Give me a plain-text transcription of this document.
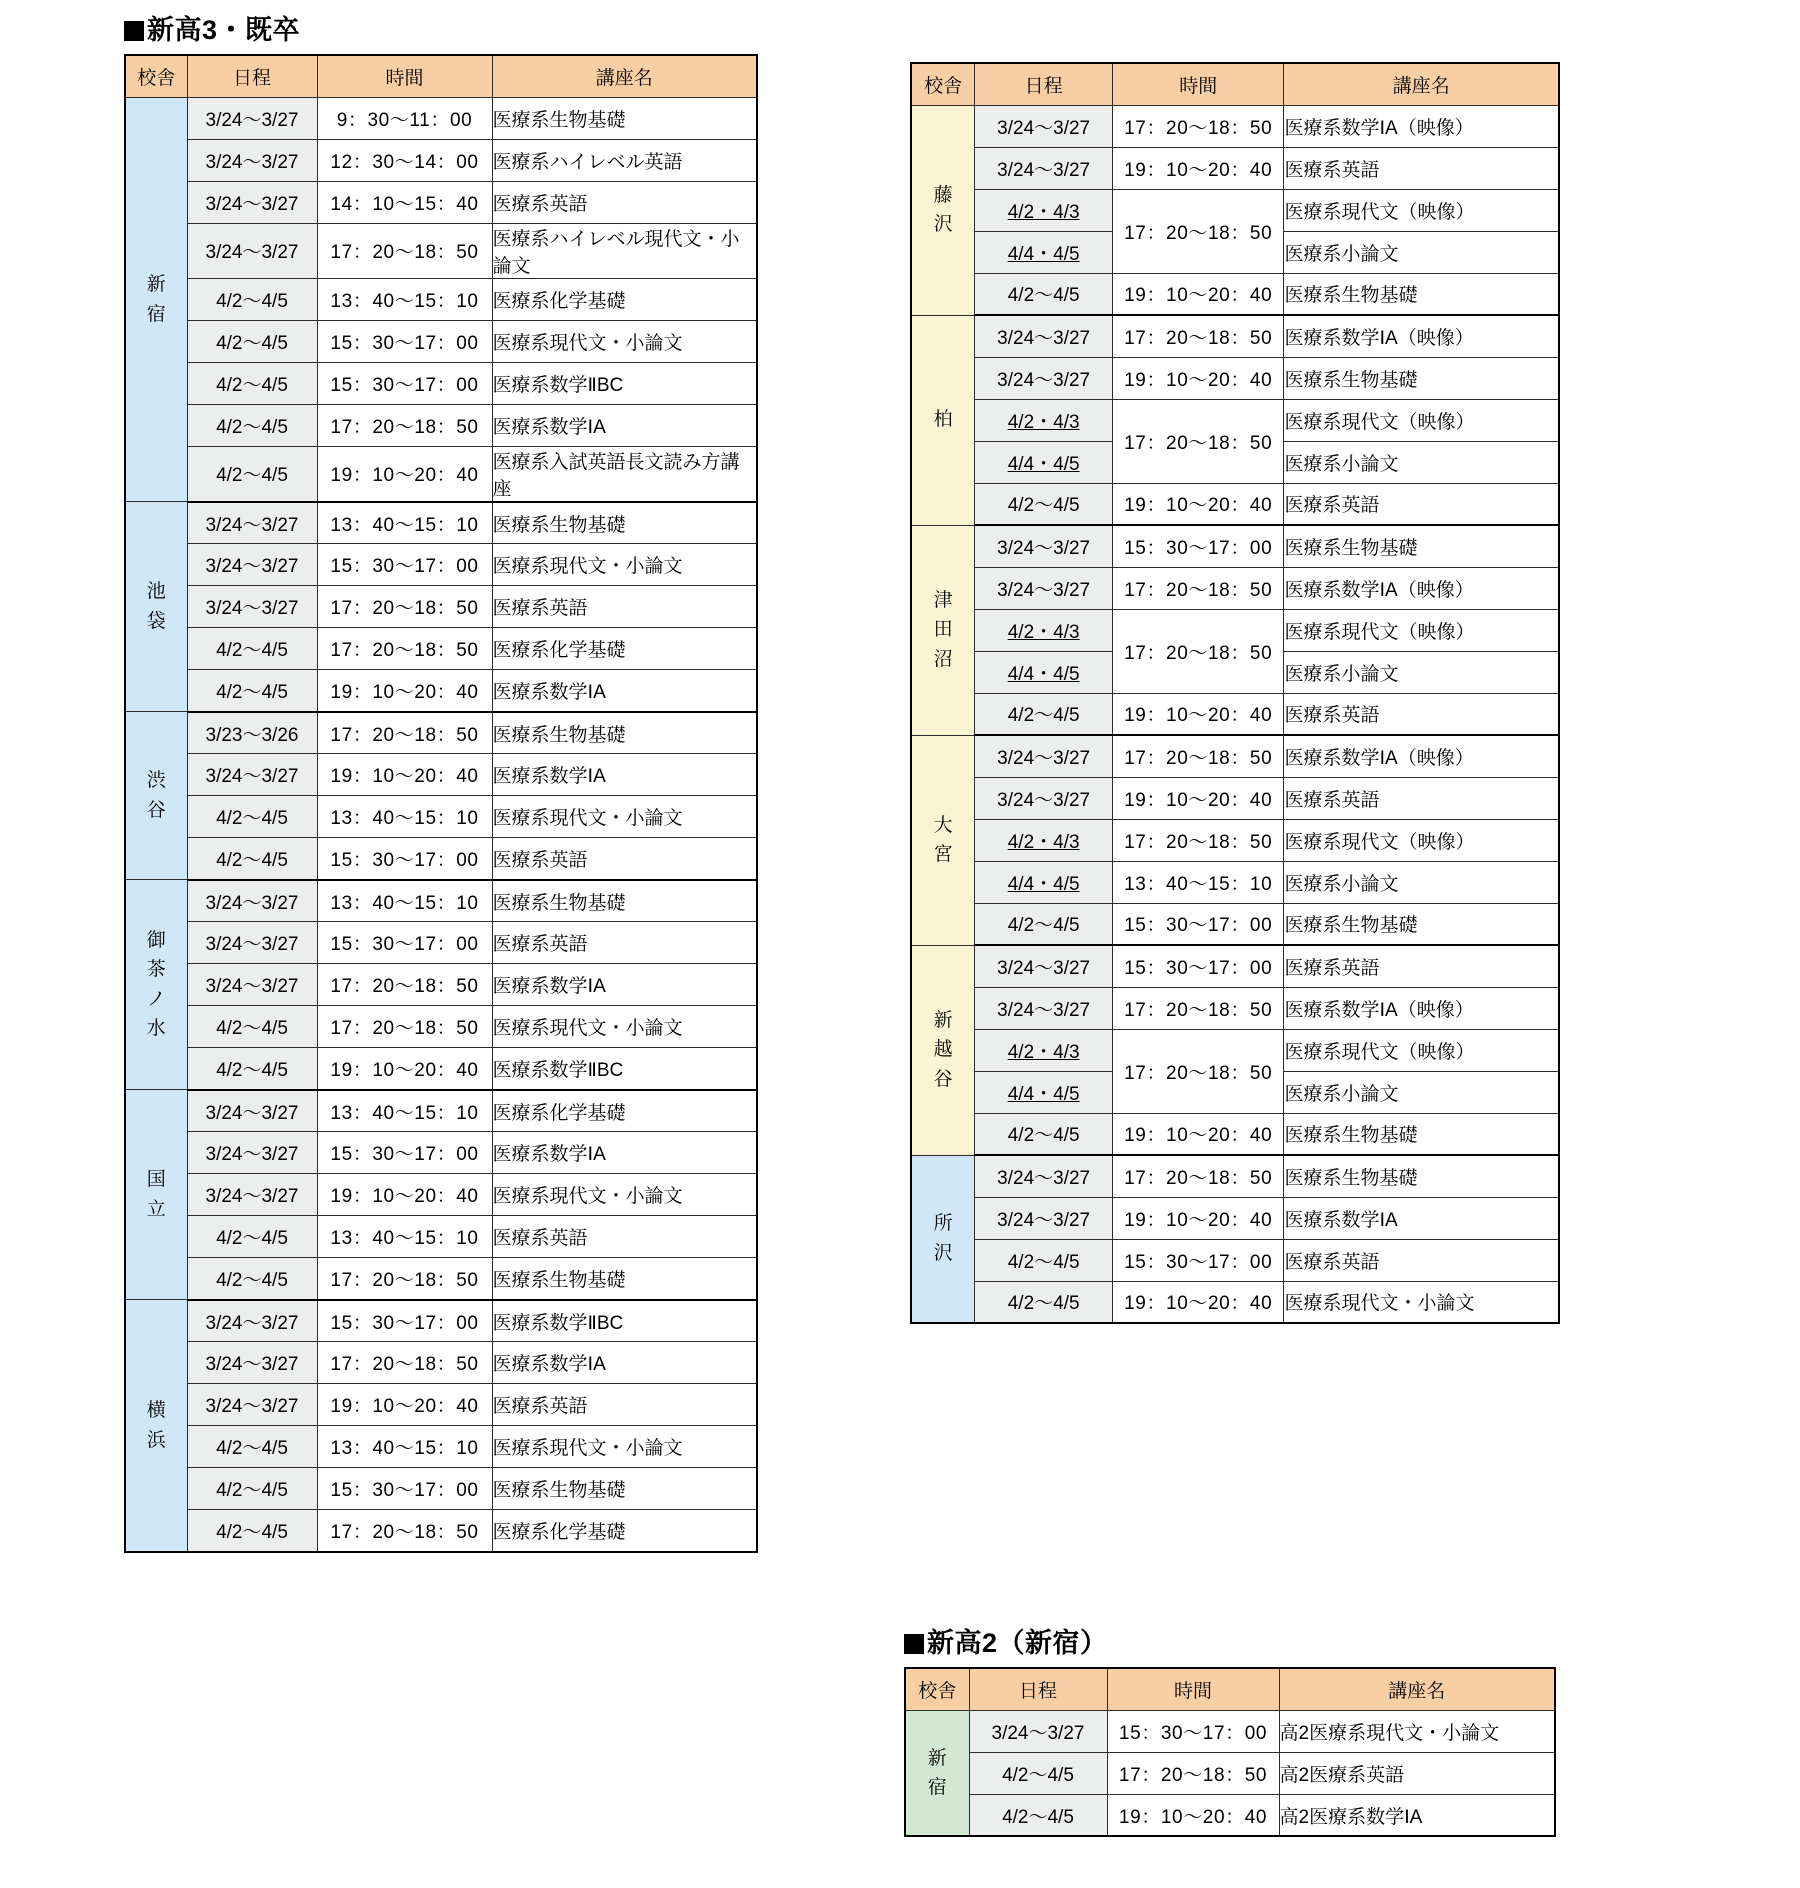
新高3・既卒
校舎	日程	時間	講座名
新
宿	3/24〜3/27	9：30〜11：00	医療系生物基礎
	3/24〜3/27	12：30〜14：00	医療系ハイレベル英語
	3/24〜3/27	14：10〜15：40	医療系英語
	3/24〜3/27	17：20〜18：50	医療系ハイレベル現代文・小論文
	4/2〜4/5	13：40〜15：10	医療系化学基礎
	4/2〜4/5	15：30〜17：00	医療系現代文・小論文
	4/2〜4/5	15：30〜17：00	医療系数学ⅡBC
	4/2〜4/5	17：20〜18：50	医療系数学ⅠA
	4/2〜4/5	19：10〜20：40	医療系入試英語長文読み方講座
池
袋	3/24〜3/27	13：40〜15：10	医療系生物基礎
	3/24〜3/27	15：30〜17：00	医療系現代文・小論文
	3/24〜3/27	17：20〜18：50	医療系英語
	4/2〜4/5	17：20〜18：50	医療系化学基礎
	4/2〜4/5	19：10〜20：40	医療系数学ⅠA
渋
谷	3/23〜3/26	17：20〜18：50	医療系生物基礎
	3/24〜3/27	19：10〜20：40	医療系数学ⅠA
	4/2〜4/5	13：40〜15：10	医療系現代文・小論文
	4/2〜4/5	15：30〜17：00	医療系英語
御
茶
ノ
水	3/24〜3/27	13：40〜15：10	医療系生物基礎
	3/24〜3/27	15：30〜17：00	医療系英語
	3/24〜3/27	17：20〜18：50	医療系数学ⅠA
	4/2〜4/5	17：20〜18：50	医療系現代文・小論文
	4/2〜4/5	19：10〜20：40	医療系数学ⅡBC
国
立	3/24〜3/27	13：40〜15：10	医療系化学基礎
	3/24〜3/27	15：30〜17：00	医療系数学ⅠA
	3/24〜3/27	19：10〜20：40	医療系現代文・小論文
	4/2〜4/5	13：40〜15：10	医療系英語
	4/2〜4/5	17：20〜18：50	医療系生物基礎
横
浜	3/24〜3/27	15：30〜17：00	医療系数学ⅡBC
	3/24〜3/27	17：20〜18：50	医療系数学ⅠA
	3/24〜3/27	19：10〜20：40	医療系英語
	4/2〜4/5	13：40〜15：10	医療系現代文・小論文
	4/2〜4/5	15：30〜17：00	医療系生物基礎
	4/2〜4/5	17：20〜18：50	医療系化学基礎
校舎	日程	時間	講座名
藤
沢	3/24〜3/27	17：20〜18：50	医療系数学ⅠA（映像）
	3/24〜3/27	19：10〜20：40	医療系英語
	4/2・4/3	17：20〜18：50	医療系現代文（映像）
	4/4・4/5		医療系小論文
	4/2〜4/5	19：10〜20：40	医療系生物基礎
柏	3/24〜3/27	17：20〜18：50	医療系数学ⅠA（映像）
	3/24〜3/27	19：10〜20：40	医療系生物基礎
	4/2・4/3	17：20〜18：50	医療系現代文（映像）
	4/4・4/5		医療系小論文
	4/2〜4/5	19：10〜20：40	医療系英語
津
田
沼	3/24〜3/27	15：30〜17：00	医療系生物基礎
	3/24〜3/27	17：20〜18：50	医療系数学ⅠA（映像）
	4/2・4/3	17：20〜18：50	医療系現代文（映像）
	4/4・4/5		医療系小論文
	4/2〜4/5	19：10〜20：40	医療系英語
大
宮	3/24〜3/27	17：20〜18：50	医療系数学ⅠA（映像）
	3/24〜3/27	19：10〜20：40	医療系英語
	4/2・4/3	17：20〜18：50	医療系現代文（映像）
	4/4・4/5	13：40〜15：10	医療系小論文
	4/2〜4/5	15：30〜17：00	医療系生物基礎
新
越
谷	3/24〜3/27	15：30〜17：00	医療系英語
	3/24〜3/27	17：20〜18：50	医療系数学ⅠA（映像）
	4/2・4/3	17：20〜18：50	医療系現代文（映像）
	4/4・4/5		医療系小論文
	4/2〜4/5	19：10〜20：40	医療系生物基礎
所
沢	3/24〜3/27	17：20〜18：50	医療系生物基礎
	3/24〜3/27	19：10〜20：40	医療系数学ⅠA
	4/2〜4/5	15：30〜17：00	医療系英語
	4/2〜4/5	19：10〜20：40	医療系現代文・小論文
新高2（新宿）
校舎	日程	時間	講座名
新
宿	3/24〜3/27	15：30〜17：00	高2医療系現代文・小論文
	4/2〜4/5	17：20〜18：50	高2医療系英語
	4/2〜4/5	19：10〜20：40	高2医療系数学ⅠA
